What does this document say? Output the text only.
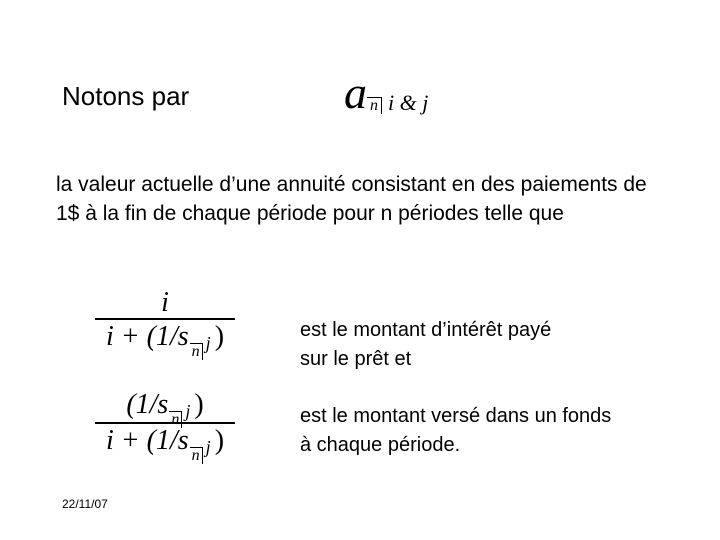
Notons par	a n i & j
la valeur actuelle d’une annuité consistant en des paiements de 1$ à la fin de chaque période pour n périodes telle que
i
i + (1/ s n j )	est le montant d’intérêt payé
sur le prêt et
(1/ s n j )
i + (1/ s n j )
est le montant versé dans un fonds
à chaque période.
22/11/07
